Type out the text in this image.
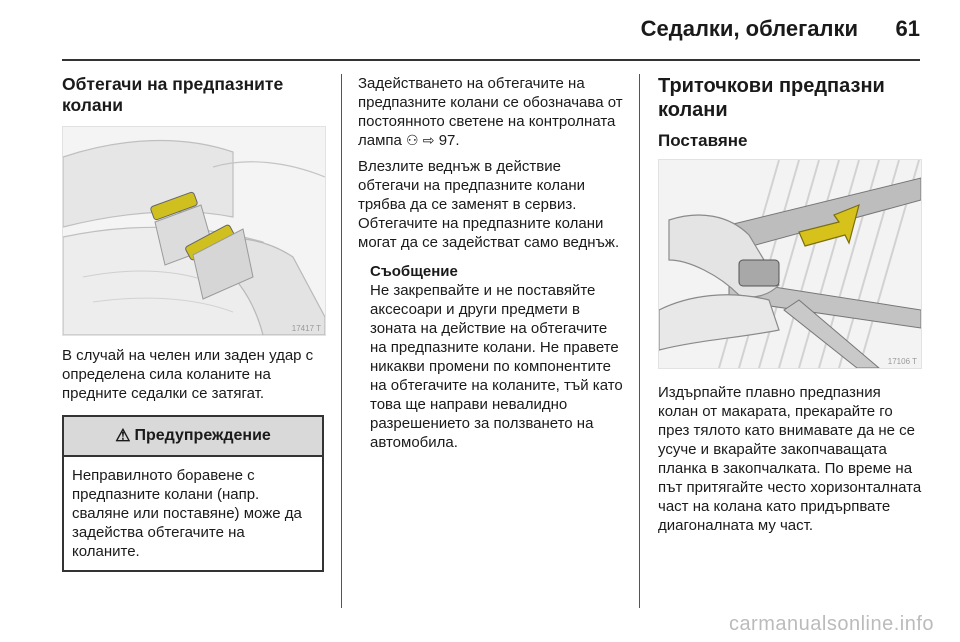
Седалки, облегалки 61
Обтегачи на предпазните колани
17417 T

В случай на челен или заден удар с определена сила коланите на предните седалки се затягат.

⚠ Предупреждение

Неправилното боравене с предпазните колани (напр. сваляне или поставяне) може да задействa обтегачите на коланите.

Задействането на обтегачите на предпазните колани се обозначава от постоянното светене на контролната лампа ⚇ ⇨ 97.

Влезлите веднъж в действие обтегачи на предпазните колани трябва да се заменят в сервиз. Обтегачите на предпазните колани могат да се задействат само веднъж.

Съобщение

Не закрепвайте и не поставяйте аксесоари и други предмети в зоната на действие на обтегачите на предпазните колани. Не правете никакви промени по компонентите на обтегачите на коланите, тъй като това ще направи невалидно разрешението за ползването на автомобила.

Триточкови предпазни колани
Поставяне
17106 T

Издърпайте плавно предпазния колан от макарата, прекарайте го през тялото като внимавате да не се усуче и вкарайте закопчаващата планка в закопчалката. По време на път притягайте често хоризонталната част на колана като придърпвате диагоналната му част.

carmanualsonline.info
